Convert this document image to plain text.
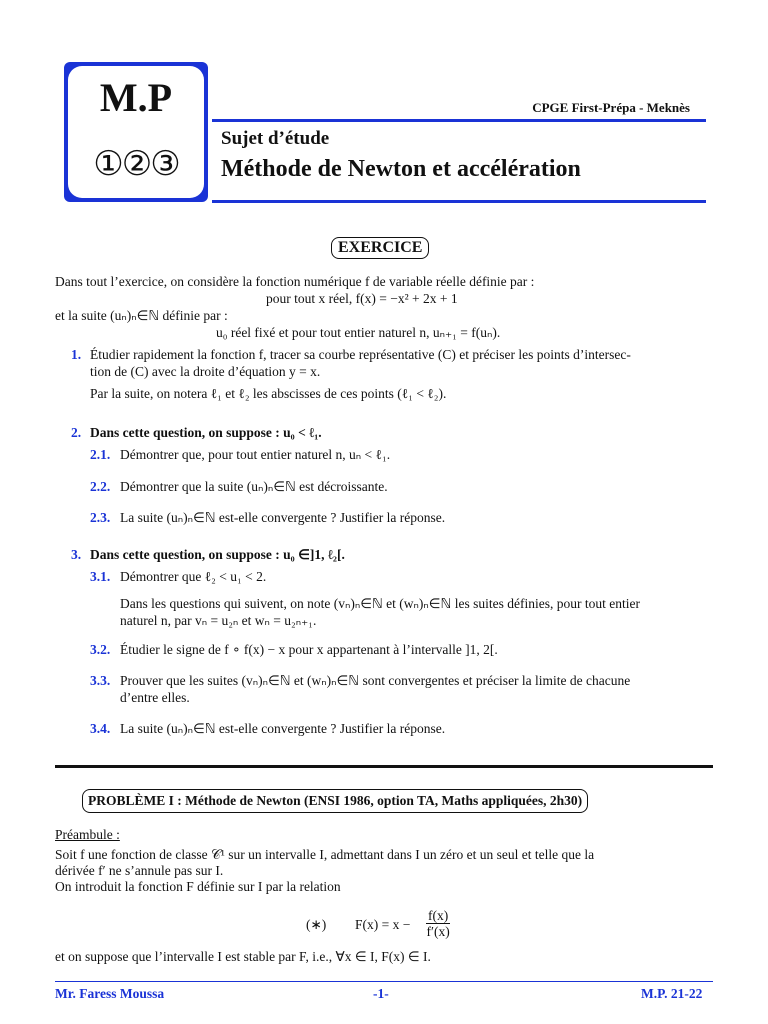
M.P
①②③
CPGE First-Prépa - Meknès
Sujet d’étude
Méthode de Newton et accélération
EXERCICE
Dans tout l’exercice, on considère la fonction numérique f de variable réelle définie par :
pour tout x réel, f(x) = −x² + 2x + 1
et la suite (uₙ)ₙ∈ℕ définie par :
u₀ réel fixé et pour tout entier naturel n, uₙ₊₁ = f(uₙ).
1. Étudier rapidement la fonction f, tracer sa courbe représentative (C) et préciser les points d’intersec-
tion de (C) avec la droite d’équation y = x.
Par la suite, on notera ℓ₁ et ℓ₂ les abscisses de ces points (ℓ₁ < ℓ₂).
2. Dans cette question, on suppose : u₀ < ℓ₁.
2.1. Démontrer que, pour tout entier naturel n, uₙ < ℓ₁.
2.2. Démontrer que la suite (uₙ)ₙ∈ℕ est décroissante.
2.3. La suite (uₙ)ₙ∈ℕ est-elle convergente ? Justifier la réponse.
3. Dans cette question, on suppose : u₀ ∈]1, ℓ₂[.
3.1. Démontrer que ℓ₂ < u₁ < 2.
Dans les questions qui suivent, on note (vₙ)ₙ∈ℕ et (wₙ)ₙ∈ℕ les suites définies, pour tout entier
naturel n, par vₙ = u₂ₙ et wₙ = u₂ₙ₊₁.
3.2. Étudier le signe de f ∘ f(x) − x pour x appartenant à l’intervalle ]1, 2[.
3.3. Prouver que les suites (vₙ)ₙ∈ℕ et (wₙ)ₙ∈ℕ sont convergentes et préciser la limite de chacune
d’entre elles.
3.4. La suite (uₙ)ₙ∈ℕ est-elle convergente ? Justifier la réponse.
PROBLÈME I : Méthode de Newton (ENSI 1986, option TA, Maths appliquées, 2h30)
Préambule :
Soit f une fonction de classe 𝒞¹ sur un intervalle I, admettant dans I un zéro et un seul et telle que la
dérivée f′ ne s’annule pas sur I.
On introduit la fonction F définie sur I par la relation
(∗) $F(x) = x - \frac{f(x)}{f'(x)}$
et on suppose que l’intervalle I est stable par F, i.e., ∀x ∈ I, F(x) ∈ I.
Mr. Faress Moussa	-1-	M.P. 21-22
